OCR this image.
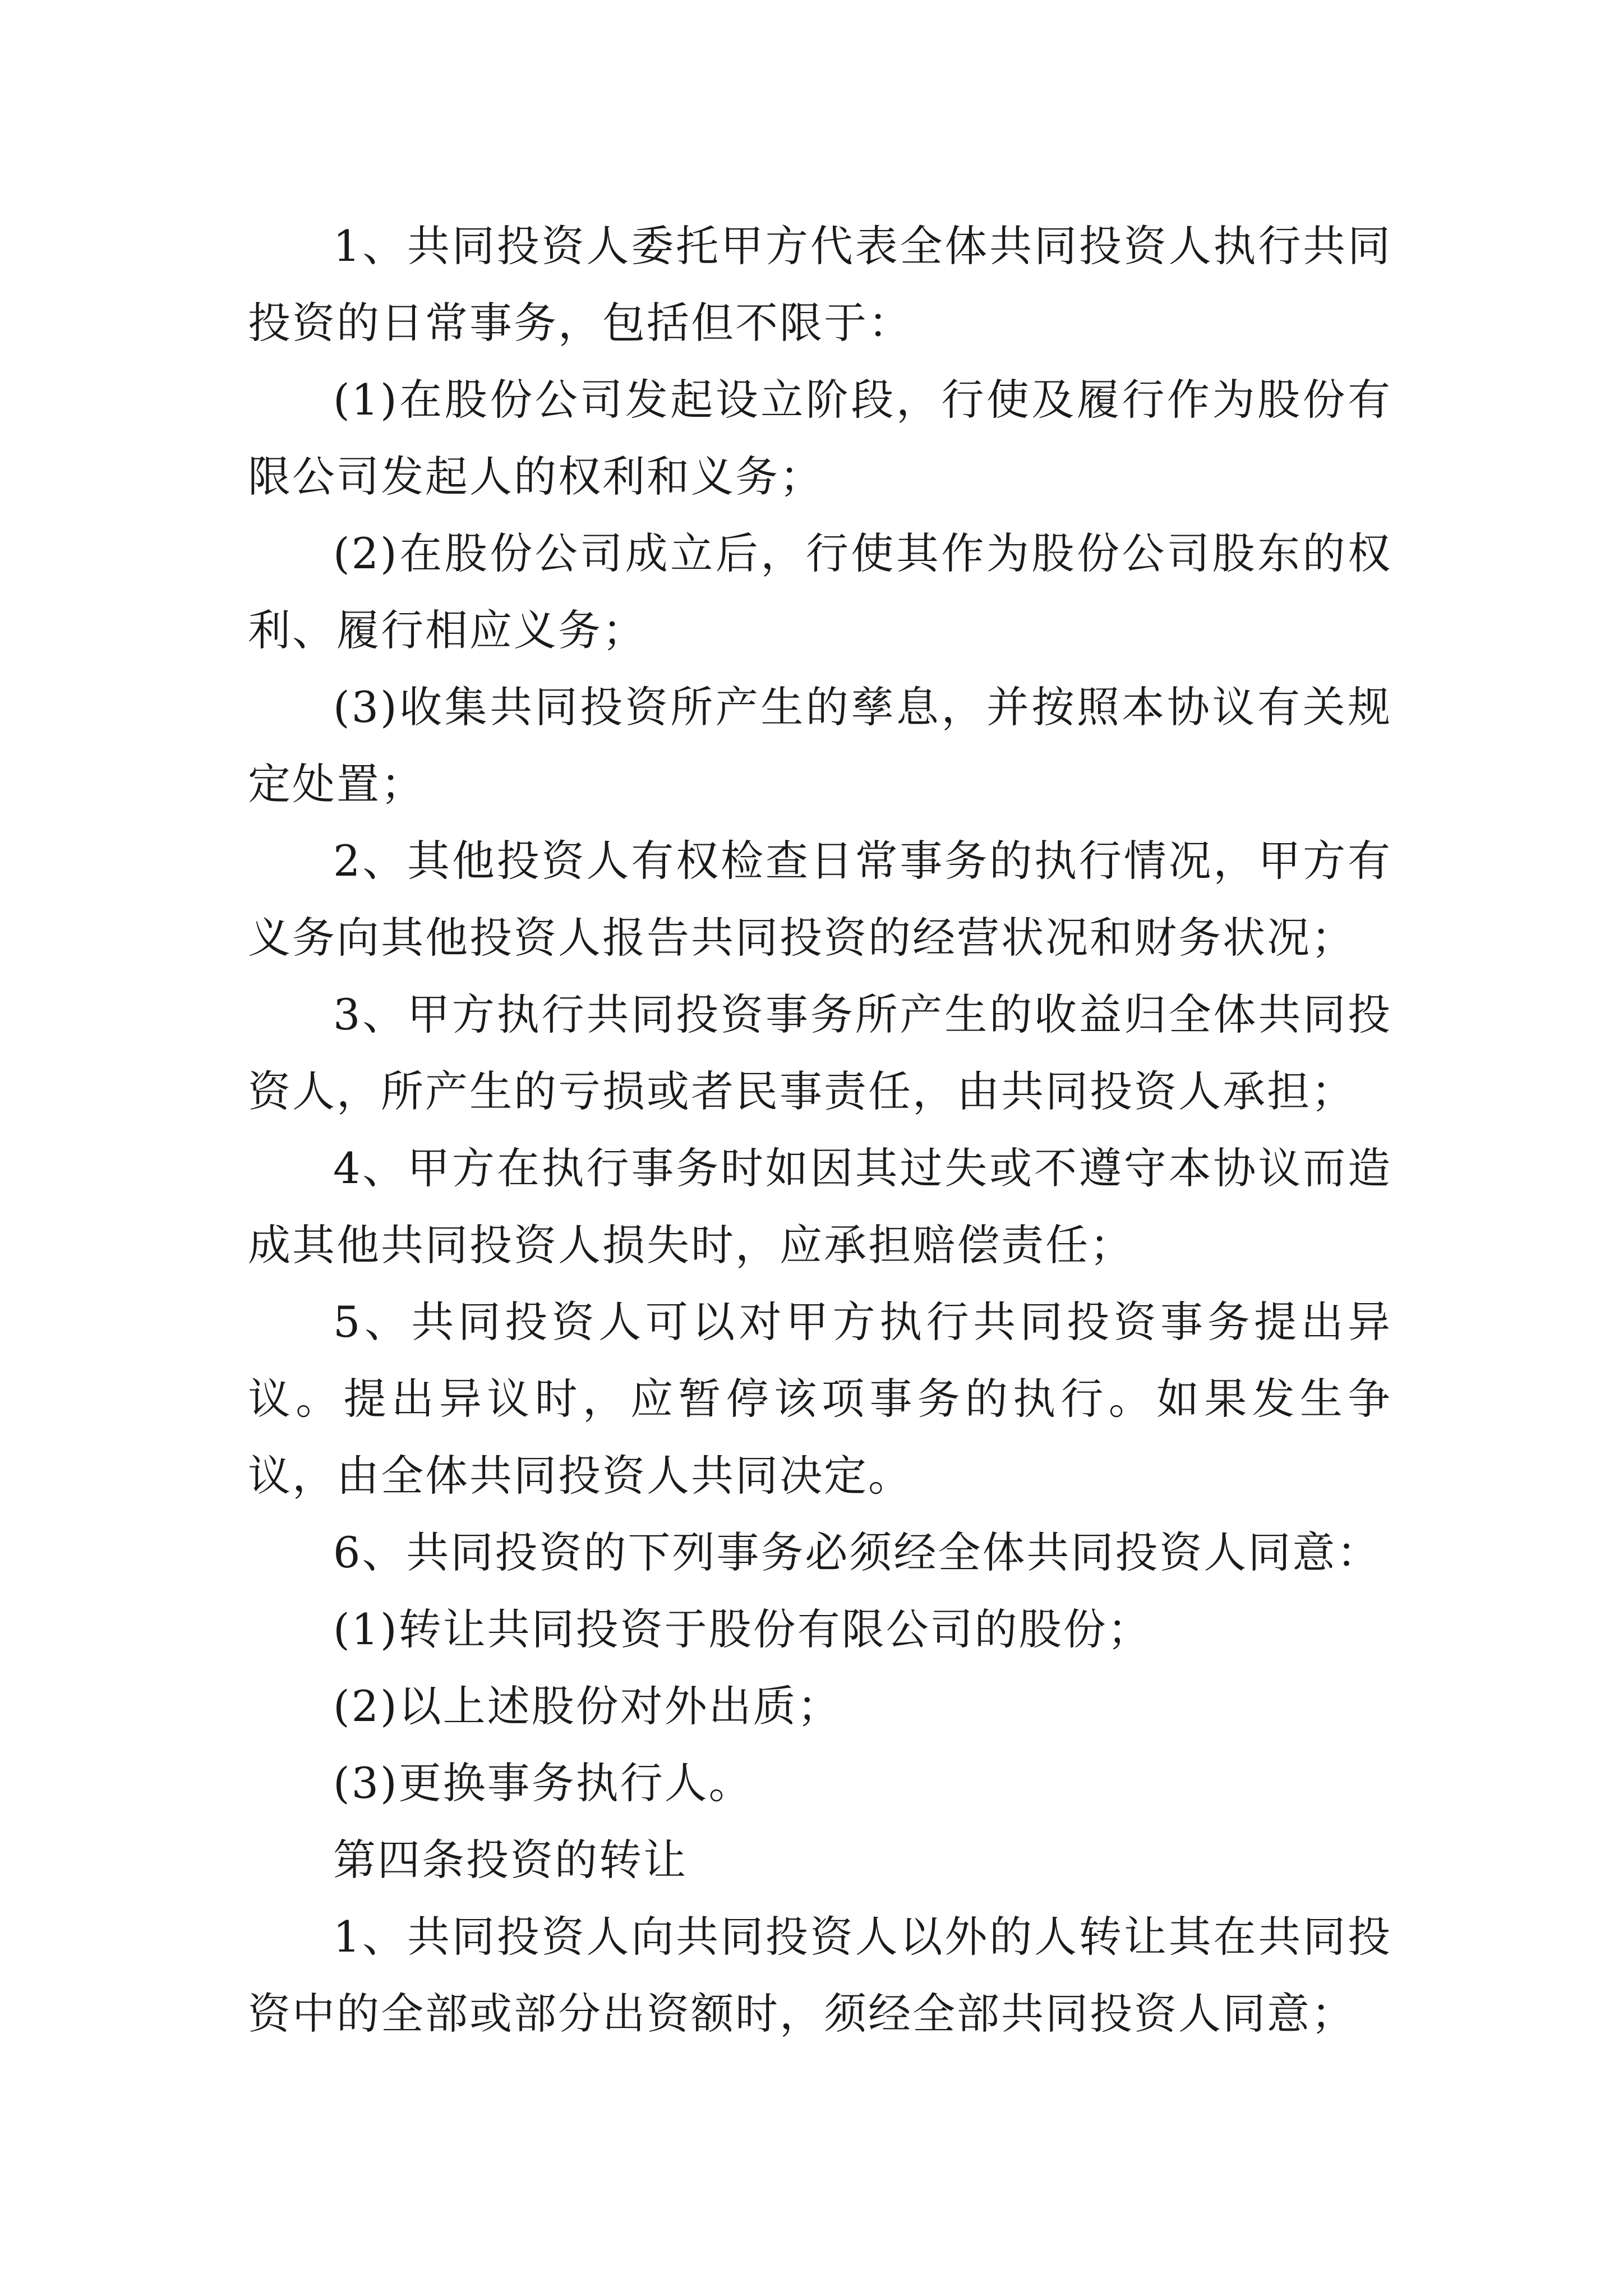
1、共同投资人委托甲方代表全体共同投资人执行共同投资的日常事务，包括但不限于：

(1)在股份公司发起设立阶段，行使及履行作为股份有限公司发起人的权利和义务；

(2)在股份公司成立后，行使其作为股份公司股东的权利、履行相应义务；

(3)收集共同投资所产生的孳息，并按照本协议有关规定处置；

2、其他投资人有权检查日常事务的执行情况，甲方有义务向其他投资人报告共同投资的经营状况和财务状况；

3、甲方执行共同投资事务所产生的收益归全体共同投资人，所产生的亏损或者民事责任，由共同投资人承担；

4、甲方在执行事务时如因其过失或不遵守本协议而造成其他共同投资人损失时，应承担赔偿责任；

5、共同投资人可以对甲方执行共同投资事务提出异议。提出异议时，应暂停该项事务的执行。如果发生争议，由全体共同投资人共同决定。

6、共同投资的下列事务必须经全体共同投资人同意：

(1)转让共同投资于股份有限公司的股份；

(2)以上述股份对外出质；

(3)更换事务执行人。

第四条投资的转让

1、共同投资人向共同投资人以外的人转让其在共同投资中的全部或部分出资额时，须经全部共同投资人同意；
